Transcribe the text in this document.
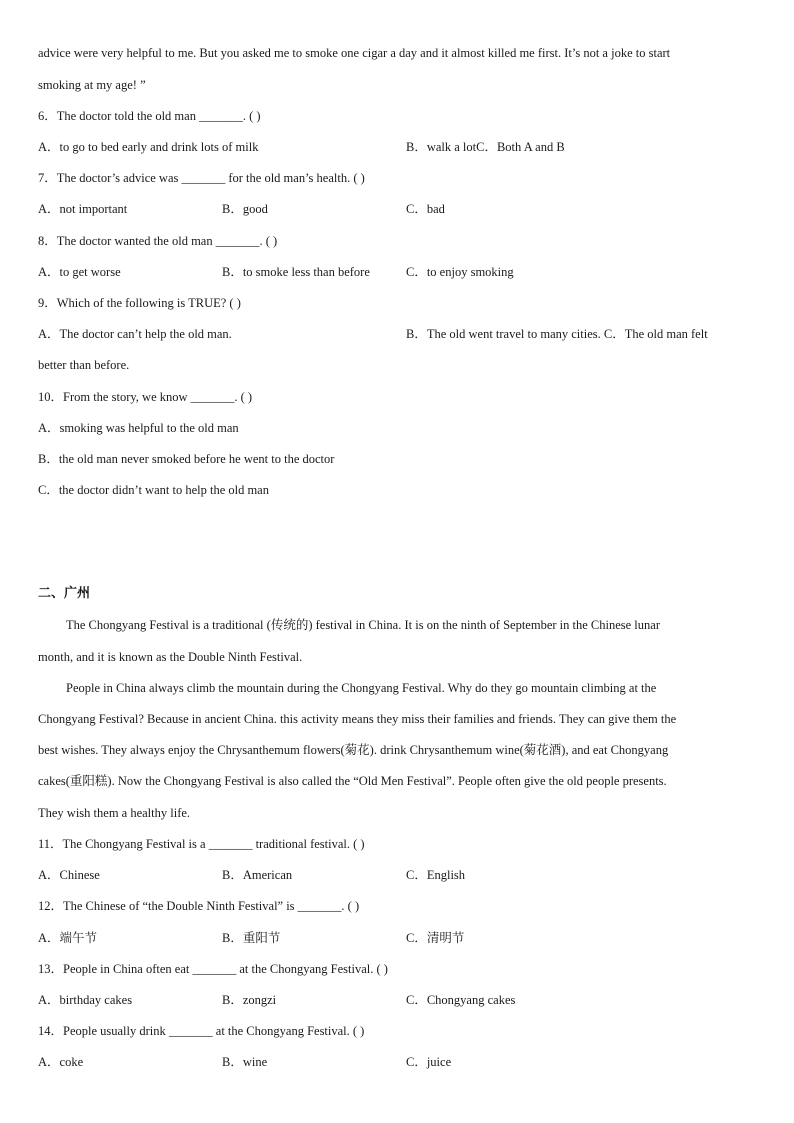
advice were very helpful to me. But you asked me to smoke one cigar a day and it almost killed me first. It’s not a joke to start
smoking at my age! ”
6．The doctor told the old man _______. ( )
A．to go to bed early and drink lots of milk	B．walk a lotC．Both A and B
7．The doctor’s advice was _______ for the old man’s health. ( )
A．not important	B．good	C．bad
8．The doctor wanted the old man _______. ( )
A．to get worse	B．to smoke less than before	C．to enjoy smoking
9．Which of the following is TRUE? ( )
A．The doctor can’t help the old man.	B．The old went travel to many cities. C．The old man felt
better than before.
10．From the story, we know _______. ( )
A．smoking was helpful to the old man
B．the old man never smoked before he went to the doctor
C．the doctor didn’t want to help the old man
二、广州
The Chongyang Festival is a traditional (传统的) festival in China. It is on the ninth of September in the Chinese lunar
month, and it is known as the Double Ninth Festival.
People in China always climb the mountain during the Chongyang Festival. Why do they go mountain climbing at the
Chongyang Festival? Because in ancient China. this activity means they miss their families and friends. They can give them the
best wishes. They always enjoy the Chrysanthemum flowers(菊花). drink Chrysanthemum wine(菊花酒), and eat Chongyang
cakes(重阳糕). Now the Chongyang Festival is also called the “Old Men Festival”. People often give the old people presents.
They wish them a healthy life.
11．The Chongyang Festival is a _______ traditional festival. ( )
A．Chinese	B．American	C．English
12．The Chinese of “the Double Ninth Festival” is _______. ( )
A．端午节	B．重阳节	C．清明节
13．People in China often eat _______ at the Chongyang Festival. ( )
A．birthday cakes	B．zongzi	C．Chongyang cakes
14．People usually drink _______ at the Chongyang Festival. ( )
A．coke	B．wine	C．juice
